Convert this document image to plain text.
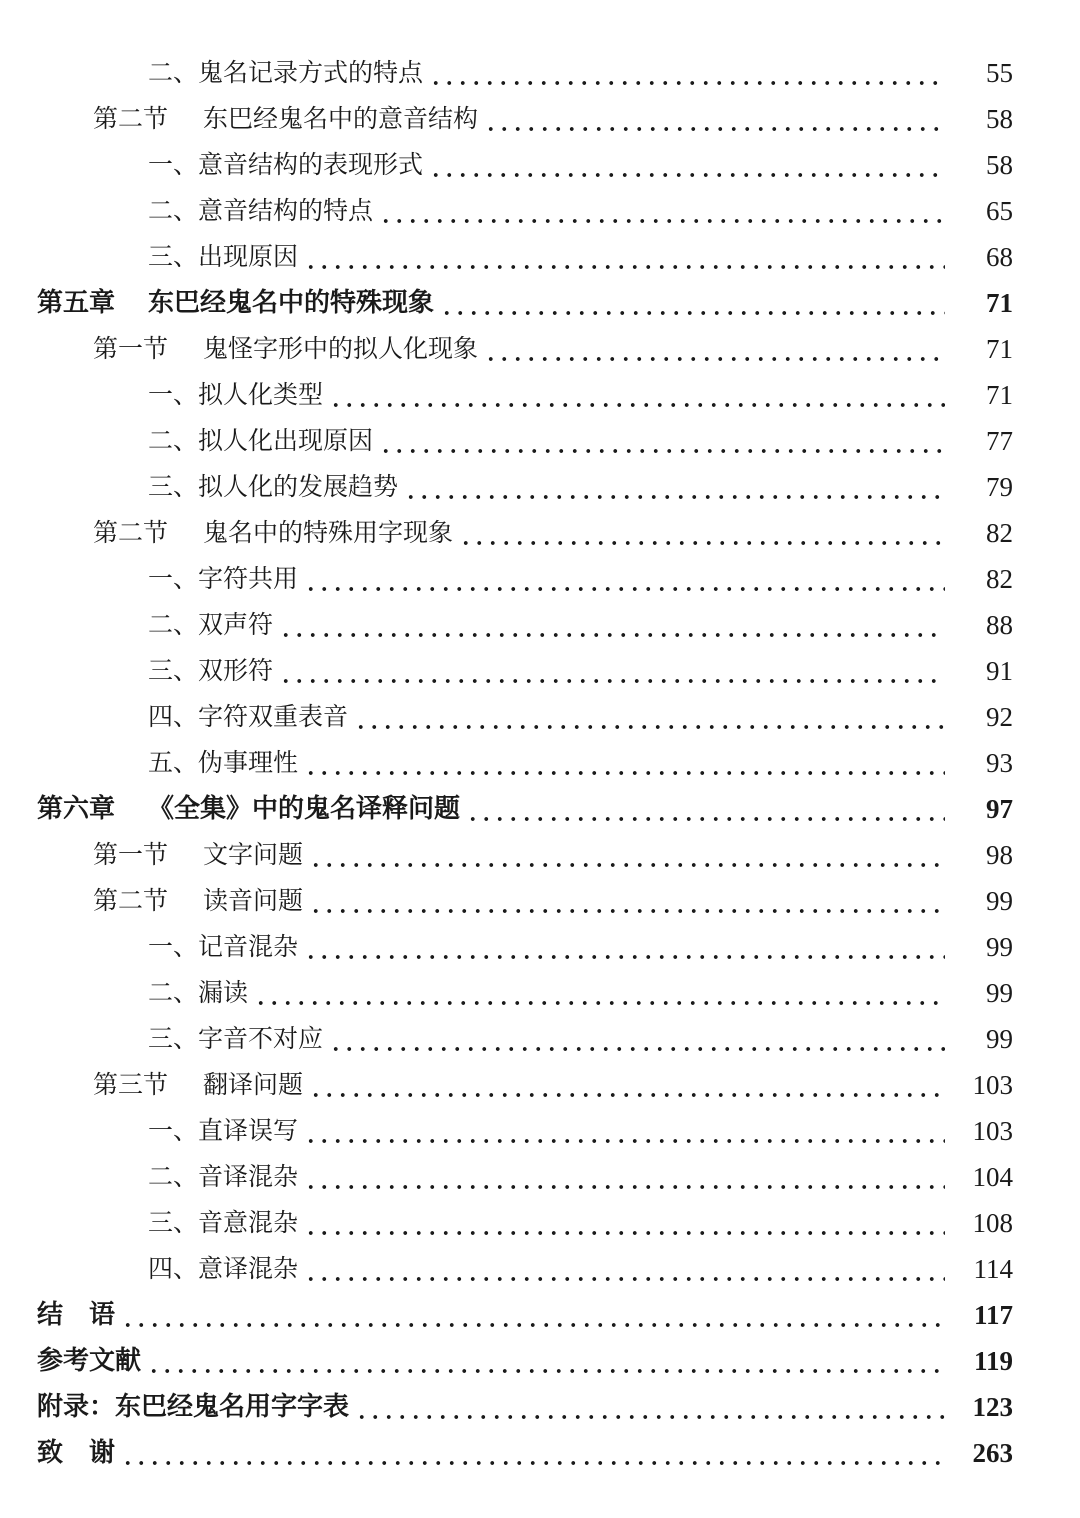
二、 鬼名记录方式的特点	55
第二节	东巴经鬼名中的意音结构	58
一、 意音结构的表现形式	58
二、 意音结构的特点	65
三、 出现原因	68
第五章	东巴经鬼名中的特殊现象	71
第一节	鬼怪字形中的拟人化现象	71
一、 拟人化类型	71
二、 拟人化出现原因	77
三、 拟人化的发展趋势	79
第二节	鬼名中的特殊用字现象	82
一、 字符共用	82
二、 双声符	88
三、 双形符	91
四、 字符双重表音	92
五、 伪事理性	93
第六章	《全集》中的鬼名译释问题	97
第一节	文字问题	98
第二节	读音问题	99
一、 记音混杂	99
二、 漏读	99
三、 字音不对应	99
第三节	翻译问题	103
一、 直译误写	103
二、 音译混杂	104
三、 音意混杂	108
四、 意译混杂	114
结　语	117
参考文献	119
附录：东巴经鬼名用字字表	123
致　谢	263
